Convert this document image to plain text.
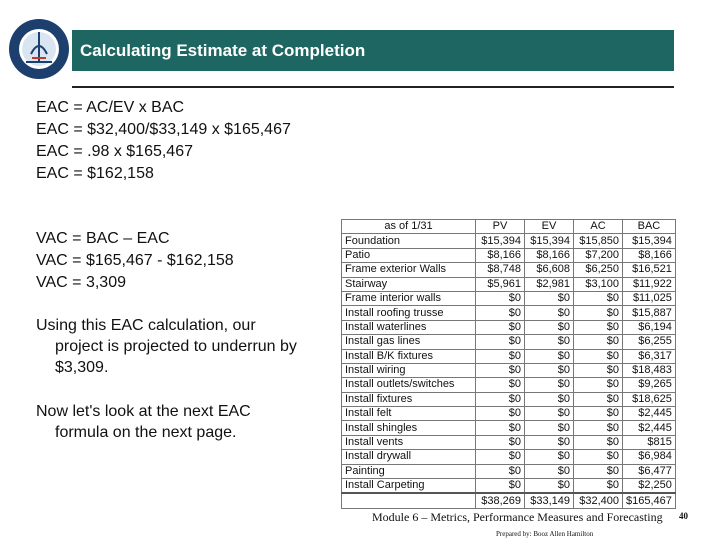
Calculating Estimate at Completion
EAC = AC/EV x BAC
EAC = $32,400/$33,149 x $165,467
EAC = .98 x $165,467
EAC = $162,158
VAC = BAC – EAC
VAC = $165,467 - $162,158
VAC = 3,309
Using this EAC calculation, our
project is projected to underrun by $3,309.
Now let's look at the next EAC
formula on the next page.
as of 1/31	PV	EV	AC	BAC
Foundation	$15,394	$15,394	$15,850	$15,394
Patio	$8,166	$8,166	$7,200	$8,166
Frame exterior Walls	$8,748	$6,608	$6,250	$16,521
Stairway	$5,961	$2,981	$3,100	$11,922
Frame interior walls	$0	$0	$0	$11,025
Install roofing trusse	$0	$0	$0	$15,887
Install waterlines	$0	$0	$0	$6,194
Install gas lines	$0	$0	$0	$6,255
Install B/K fixtures	$0	$0	$0	$6,317
Install wiring	$0	$0	$0	$18,483
Install outlets/switches	$0	$0	$0	$9,265
Install fixtures	$0	$0	$0	$18,625
Install felt	$0	$0	$0	$2,445
Install shingles	$0	$0	$0	$2,445
Install vents	$0	$0	$0	$815
Install drywall	$0	$0	$0	$6,984
Painting	$0	$0	$0	$6,477
Install Carpeting	$0	$0	$0	$2,250
	$38,269	$33,149	$32,400	$165,467
Module 6 – Metrics, Performance Measures and Forecasting 40
Prepared by: Booz Allen Hamilton
